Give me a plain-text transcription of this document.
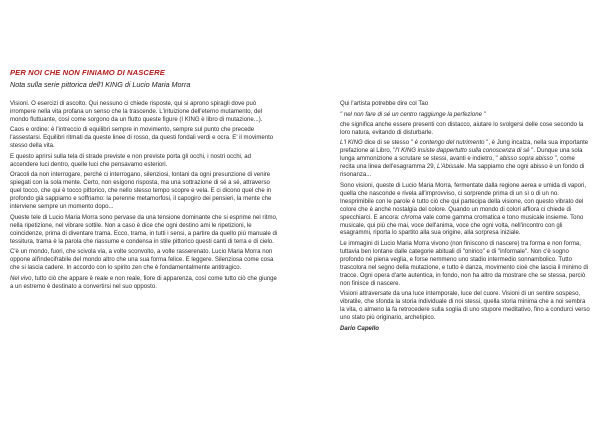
PER NOI CHE NON FINIAMO DI NASCERE
Nota sulla serie pittorica dell'I KING di Lucio Maria Morra

Visioni. O esercizi di ascolto. Qui nessuno ci chiede risposte, qui si aprono spiragli dove può irrompere nella vita profana un senso che la trascende. L'intuizione dell'eterno mutamento, del mondo fluttuante, così come sorgono da un flutto queste figure (I KING è libro di mutazione...).

Caos e ordine: è l'intreccio di equilibri sempre in movimento, sempre sul punto che precede l'assestarsi. Equilibri ritmati da queste linee di rosso, da questi fondali verdi e ocra. E' il movimento stesso della vita.

E questo aprirsi sulla tela di strade previste e non previste porta gli occhi, i nostri occhi, ad accendere luci dentro, quelle luci che pensavamo esteriori.

Oracoli da non interrogare, perché ci interrogano, silenziosi, lontani da ogni presunzione di venire spiegati con la sola mente. Certo, non esigono risposta, ma una sottrazione di sé a sé, attraverso quel tocco, che qui è tocco pittorico, che nello stesso tempo scopre e vela. E ci dicono quel che in profondo già sappiamo e soffriamo: la perenne metamorfosi, il capogiro dei pensieri, la mente che interviene sempre un momento dopo...

Queste tele di Lucio Maria Morra sono pervase da una tensione dominante che si esprime nel ritmo, nella ripetizione, nel vibrare sottile. Non a caso è dice che ogni destino ami le ripetizioni, le coincidenze, prima di diventare trama. Ecco, trama, in tutti i sensi, a partire da quello più manuale di tessitura, trama è la parola che riassume e condensa in stile pittorico questi canti di terra e di cielo.

C'è un mondo, fuori, che scivola via, a volte sconvolto, a volte rasserenato. Lucio Maria Morra non oppone all'indecifrabile del mondo altro che una sua forma felice. E leggere. Silenziosa come cosa che si lascia cadere. In accordo con lo spirito zen che è fondamentalmente antitragico.

Nel vivo, tutto ciò che appare è reale e non reale, fiore di apparenza, così come tutto ciò che giunge a un estremo è destinato a convertirsi nel suo opposto.

Qui l'artista potrebbe dire col Tao

" nel non fare di sé un centro raggiunge la perfezione "

che significa anche essere presenti con distacco, aiutare lo svolgersi delle cose secondo la loro natura, evitando di disturbarle.

L'I KING dice di se stesso " è contengo del nutrimento ", è Jung incalza, nella sua importante prefazione al Libro, "l'I KING insiste dappertutto sulla conoscenza di sé ". Dunque una sola lunga ammonizione a scrutare se stessi, avanti e indietro, " abisso sopra abisso ", come recita una linea dell'esagramma 29, L'Abissale. Ma sappiamo che ogni abisso è un fondo di risonanza...

Sono visioni, queste di Lucio Maria Morra, fermentate dalla regione aerea e umida di vapori, quella che nasconde e rivela all'improvviso, ci sorprende prima di un sì o di un no. Inesprimibile con le parole è tutto ciò che qui partecipa della visione, con questo vibrato del colore che è anche nostalgia del colore. Quando un mondo di colori affiora ci chiede di specchiarci. E ancora: chroma vale come gamma cromatica e tono musicale insieme. Tono musicale, qui più che mai, voce dell'anima, voce che ogni volta, nell'incontro con gli esagrammi, riporta lo spartito alla sua origine, alla sorpresa iniziale.

Le immagini di Lucio Maria Morra vivono (non finiscono di nascere) tra forma e non forma, tuttavia ben lontane dalle categorie abituali di "onirico" e di "informale". Non c'è sogno profondo né piena veglia, e forse nemmeno uno stadio intermedio sonnambolico. Tutto trascolora nel segno della mutazione, e tutto è danza, movimento cioè che lascia il minimo di tracce. Ogni opera d'arte autentica, in fondo, non ha altro da mostrare che se stessa, perciò non finisce di nascere.

Visioni attraversate da una luce intemporale, luce del cuore. Visioni di un sentire sospeso, vibratile, che sfonda la storia individuale di noi stessi, quella storia minima che a noi sembra la vita, o almeno la fa retrocedere sulla soglia di uno stupore meditativo, fino a condurci verso uno stato più originario, archetipico.

Dario Capello
